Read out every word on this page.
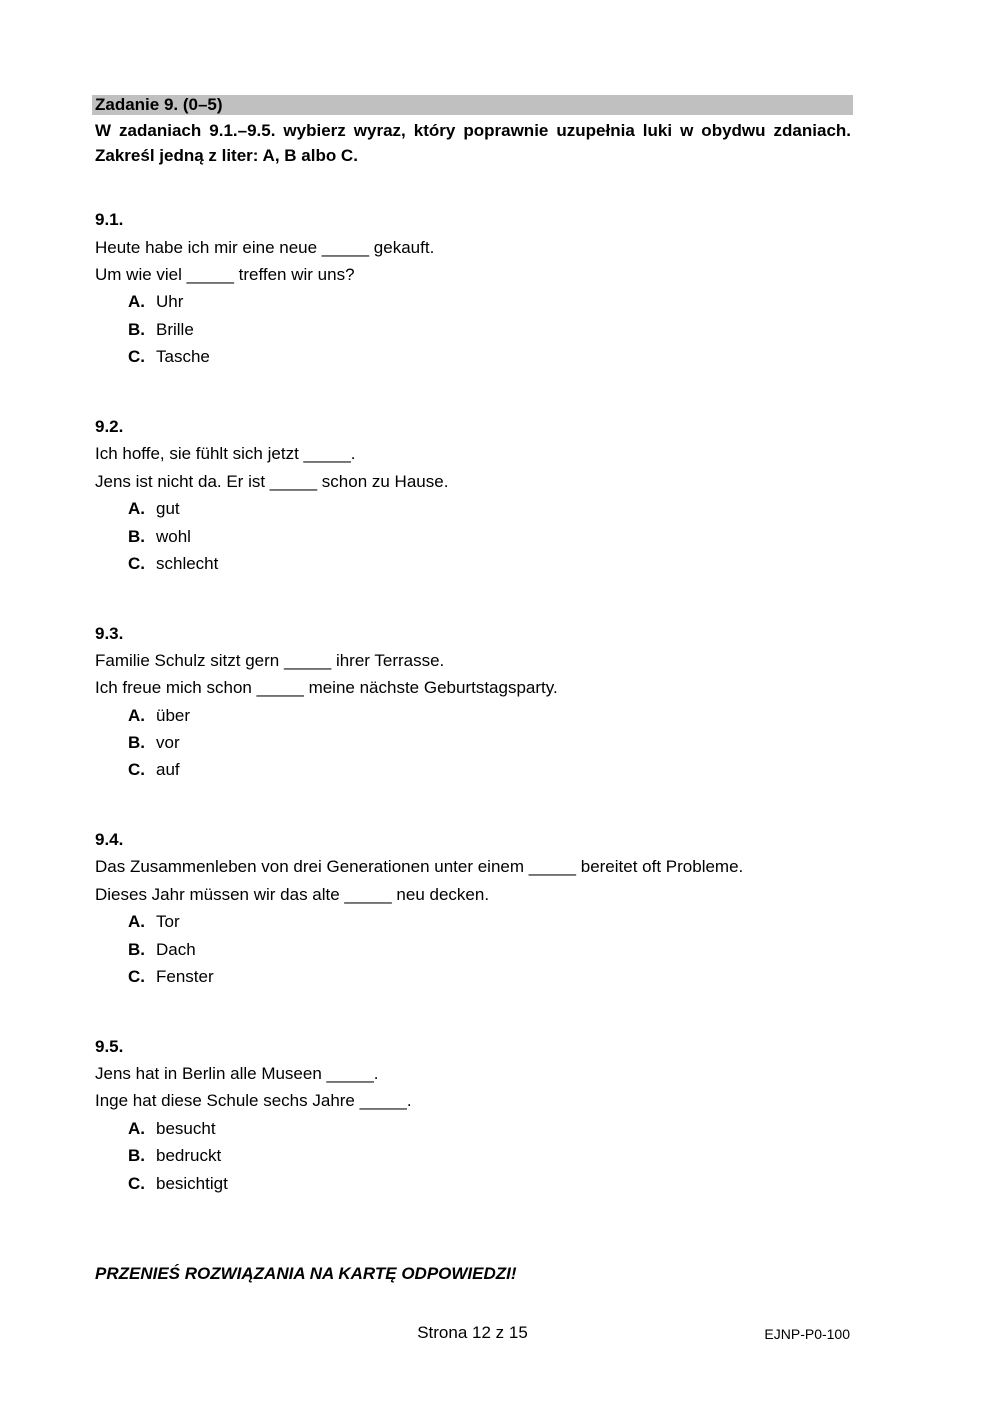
Zadanie 9. (0–5)
W zadaniach 9.1.–9.5. wybierz wyraz, który poprawnie uzupełnia luki w obydwu zdaniach. Zakreśl jedną z liter: A, B albo C.
9.1.
Heute habe ich mir eine neue _____ gekauft.
Um wie viel _____ treffen wir uns?
A. Uhr
B. Brille
C. Tasche
9.2.
Ich hoffe, sie fühlt sich jetzt _____.
Jens ist nicht da. Er ist _____ schon zu Hause.
A. gut
B. wohl
C. schlecht
9.3.
Familie Schulz sitzt gern _____ ihrer Terrasse.
Ich freue mich schon _____ meine nächste Geburtstagsparty.
A. über
B. vor
C. auf
9.4.
Das Zusammenleben von drei Generationen unter einem _____ bereitet oft Probleme.
Dieses Jahr müssen wir das alte _____ neu decken.
A. Tor
B. Dach
C. Fenster
9.5.
Jens hat in Berlin alle Museen _____.
Inge hat diese Schule sechs Jahre _____.
A. besucht
B. bedruckt
C. besichtigt
PRZENIEŚ ROZWIĄZANIA NA KARTĘ ODPOWIEDZI!
Strona 12 z 15	EJNP-P0-100
